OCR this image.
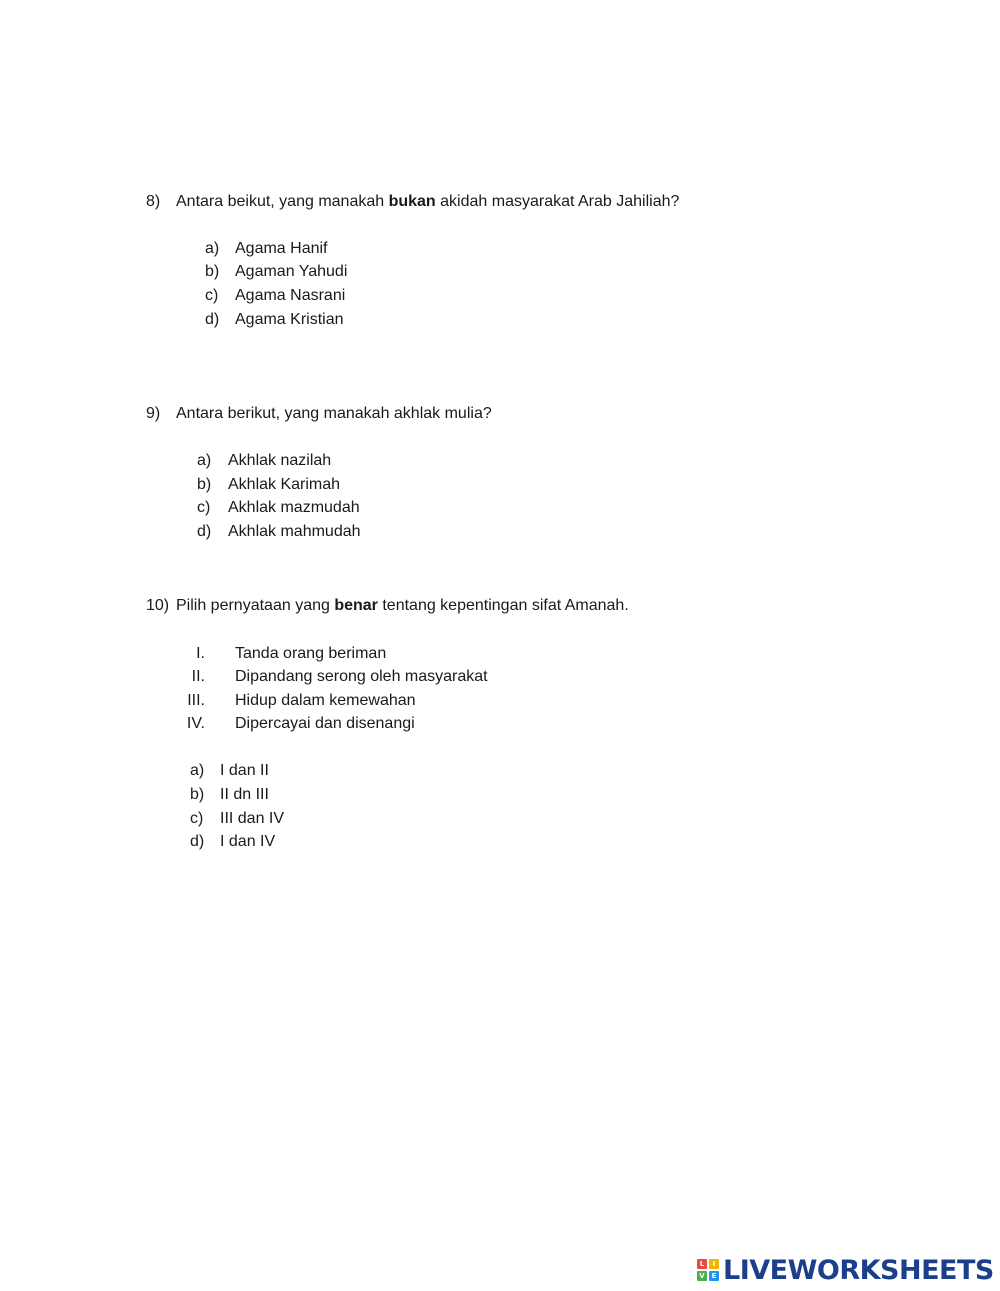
8) Antara beikut, yang manakah bukan akidah masyarakat Arab Jahiliah?
a) Agama Hanif
b) Agaman Yahudi
c) Agama Nasrani
d) Agama Kristian
9) Antara berikut, yang manakah akhlak mulia?
a) Akhlak nazilah
b) Akhlak Karimah
c) Akhlak mazmudah
d) Akhlak mahmudah
10) Pilih pernyataan yang benar tentang kepentingan sifat Amanah.
I. Tanda orang beriman
II. Dipandang serong oleh masyarakat
III. Hidup dalam kemewahan
IV. Dipercayai dan disenangi
a) I dan II
b) II dn III
c) III dan IV
d) I dan IV
L	I
V E LIVEWORKSHEETS
